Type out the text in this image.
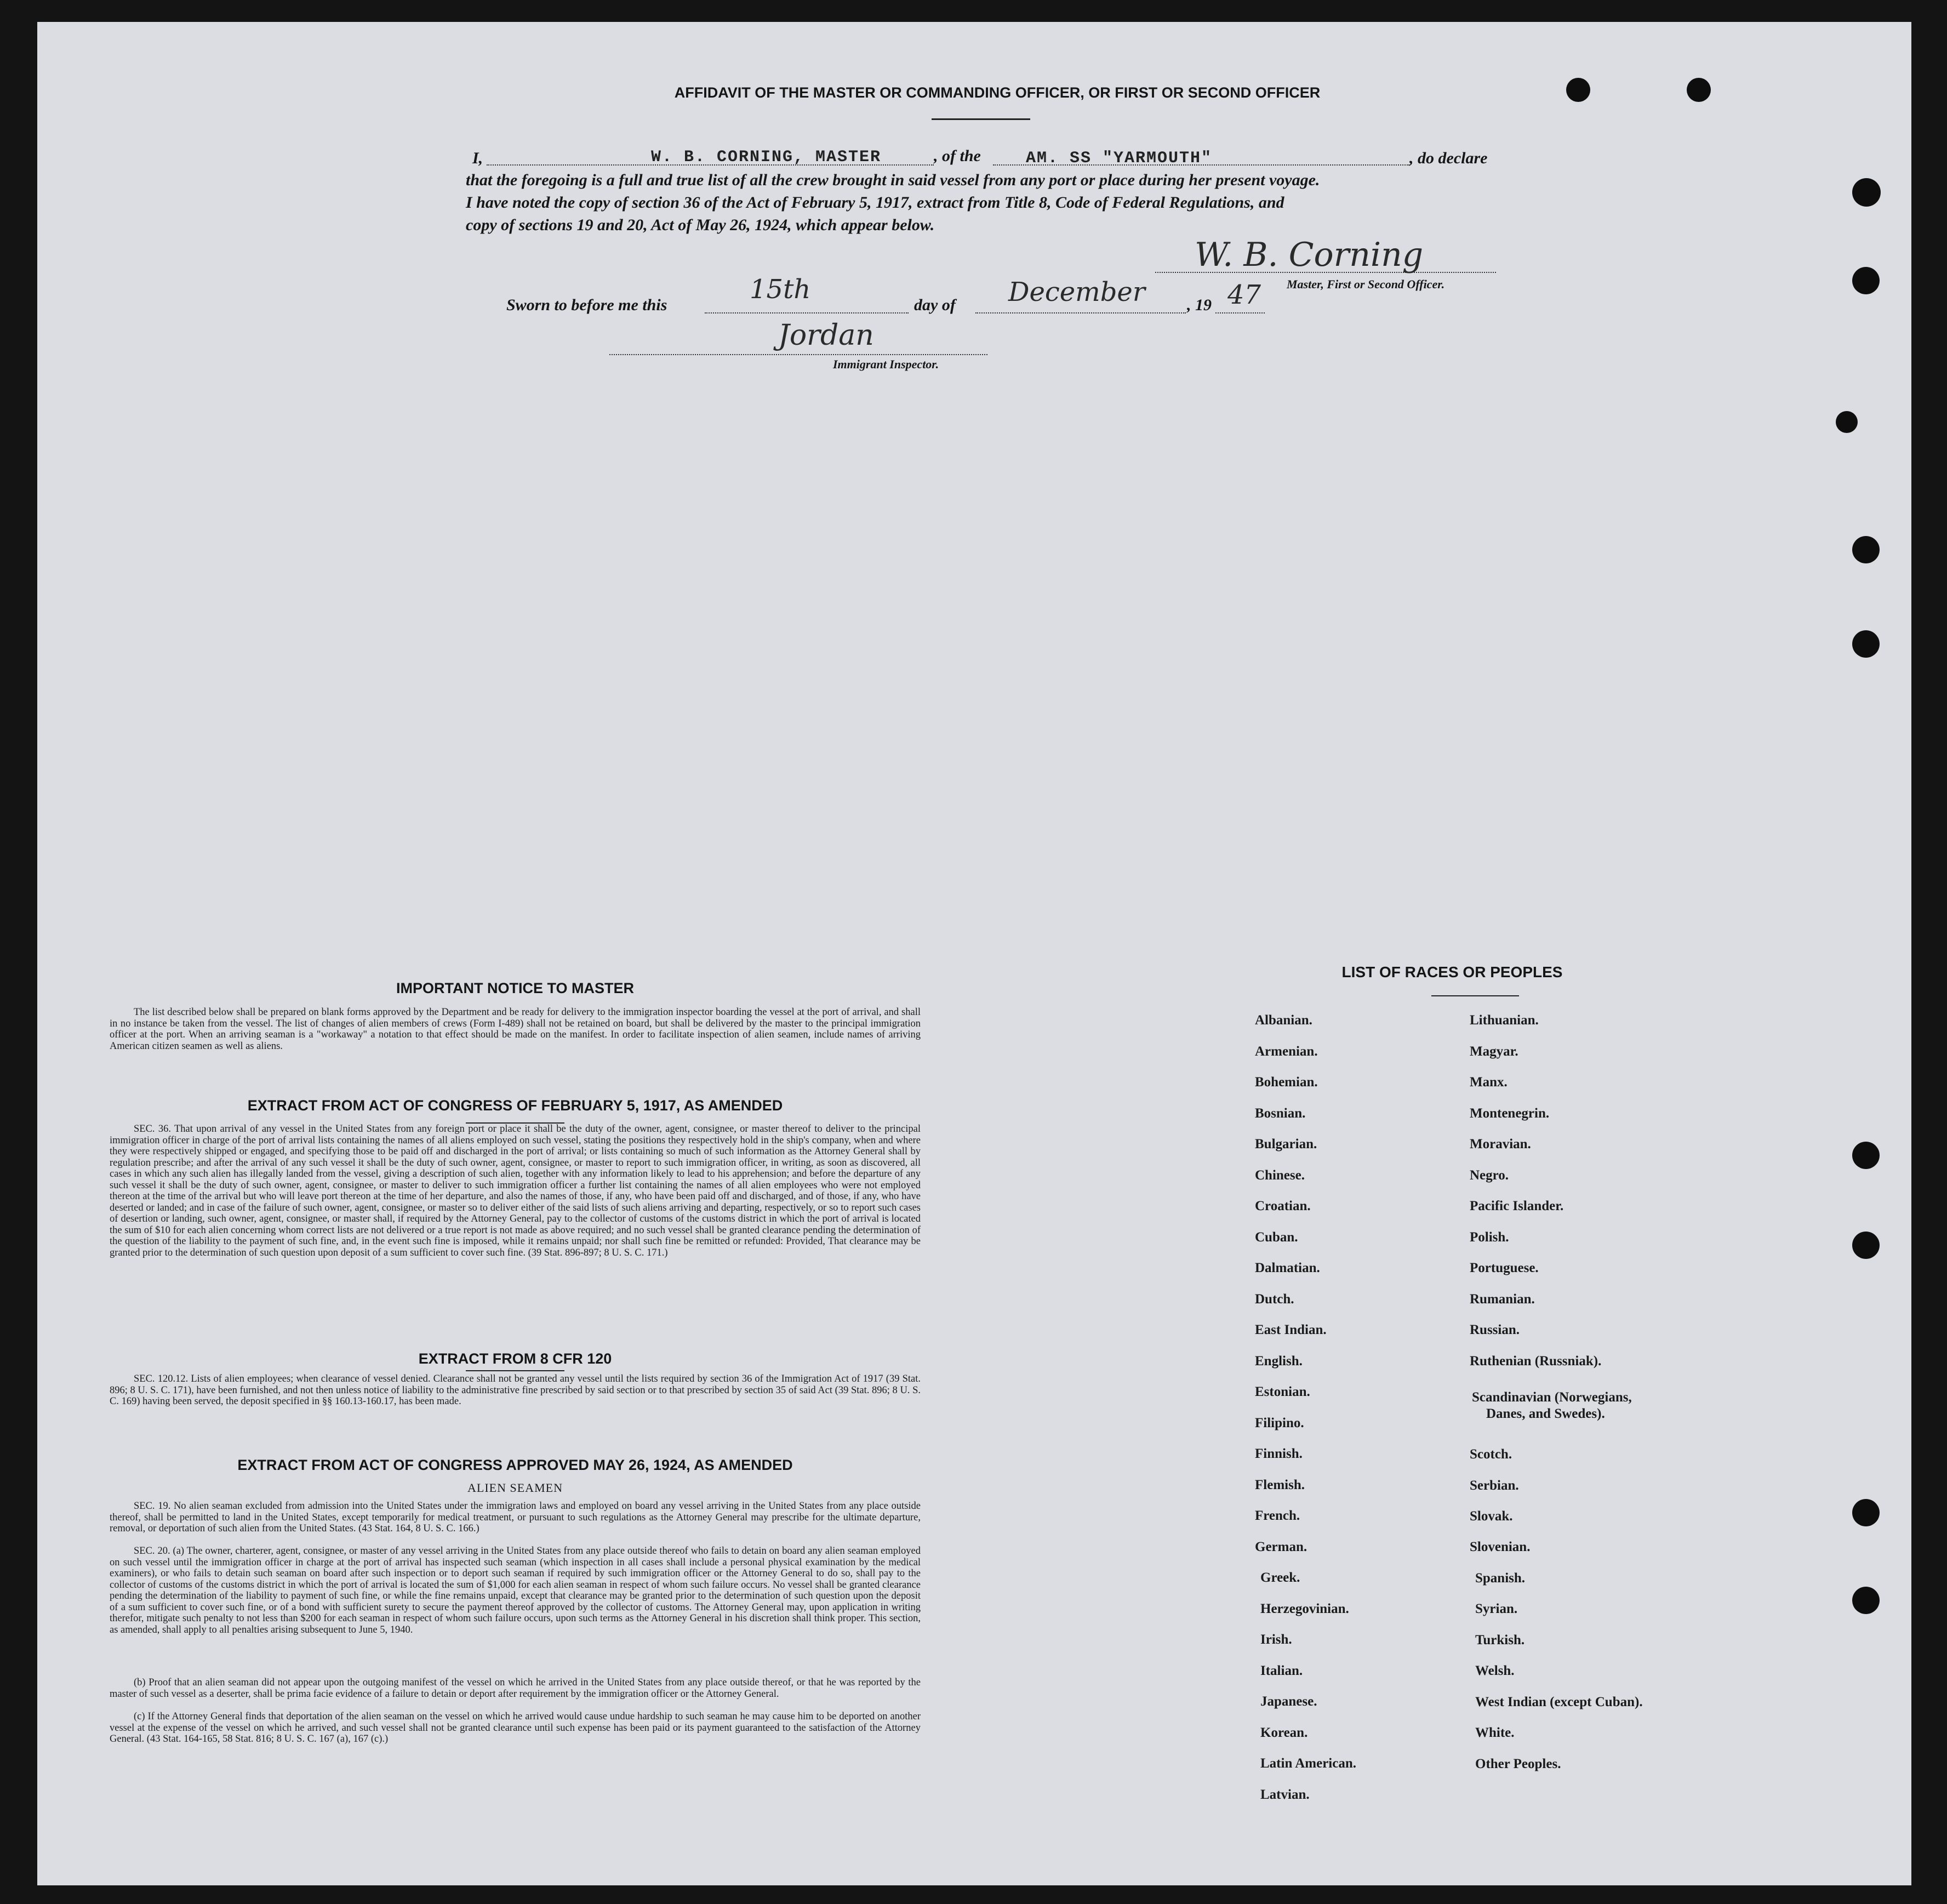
AFFIDAVIT OF THE MASTER OR COMMANDING OFFICER, OR FIRST OR SECOND OFFICER
I,	W. B. CORNING, MASTER	, of the	AM. SS "YARMOUTH"	, do declare
that the foregoing is a full and true list of all the crew brought in said vessel from any port or place during her present voyage.
I have noted the copy of section 36 of the Act of February 5, 1917, extract from Title 8, Code of Federal Regulations, and
copy of sections 19 and 20, Act of May 26, 1924, which appear below.
W. B. Corning
Master, First or Second Officer.
Sworn to before me this
15th
day of December	, 19 47
Jordan
Immigrant Inspector.
IMPORTANT NOTICE TO MASTER
The list described below shall be prepared on blank forms approved by the Department and be ready for delivery to the immigration inspector boarding the vessel at the port of arrival, and shall in no instance be taken from the vessel. The list of changes of alien members of crews (Form I-489) shall not be retained on board, but shall be delivered by the master to the principal immigration officer at the port. When an arriving seaman is a "workaway" a notation to that effect should be made on the manifest. In order to facilitate inspection of alien seamen, include names of arriving American citizen seamen as well as aliens.
EXTRACT FROM ACT OF CONGRESS OF FEBRUARY 5, 1917, AS AMENDED
SEC. 36. That upon arrival of any vessel in the United States from any foreign port or place it shall be the duty of the owner, agent, consignee, or master thereof to deliver to the principal immigration officer in charge of the port of arrival lists containing the names of all aliens employed on such vessel, stating the positions they respectively hold in the ship's company, when and where they were respectively shipped or engaged, and specifying those to be paid off and discharged in the port of arrival; or lists containing so much of such information as the Attorney General shall by regulation prescribe; and after the arrival of any such vessel it shall be the duty of such owner, agent, consignee, or master to report to such immigration officer, in writing, as soon as discovered, all cases in which any such alien has illegally landed from the vessel, giving a description of such alien, together with any information likely to lead to his apprehension; and before the departure of any such vessel it shall be the duty of such owner, agent, consignee, or master to deliver to such immigration officer a further list containing the names of all alien employees who were not employed thereon at the time of the arrival but who will leave port thereon at the time of her departure, and also the names of those, if any, who have been paid off and discharged, and of those, if any, who have deserted or landed; and in case of the failure of such owner, agent, consignee, or master so to deliver either of the said lists of such aliens arriving and departing, respectively, or so to report such cases of desertion or landing, such owner, agent, consignee, or master shall, if required by the Attorney General, pay to the collector of customs of the customs district in which the port of arrival is located the sum of $10 for each alien concerning whom correct lists are not delivered or a true report is not made as above required; and no such vessel shall be granted clearance pending the determination of the question of the liability to the payment of such fine, and, in the event such fine is imposed, while it remains unpaid; nor shall such fine be remitted or refunded: Provided, That clearance may be granted prior to the determination of such question upon deposit of a sum sufficient to cover such fine. (39 Stat. 896-897; 8 U. S. C. 171.)
EXTRACT FROM 8 CFR 120
SEC. 120.12. Lists of alien employees; when clearance of vessel denied. Clearance shall not be granted any vessel until the lists required by section 36 of the Immigration Act of 1917 (39 Stat. 896; 8 U. S. C. 171), have been furnished, and not then unless notice of liability to the administrative fine prescribed by said section or to that prescribed by section 35 of said Act (39 Stat. 896; 8 U. S. C. 169) having been served, the deposit specified in §§ 160.13-160.17, has been made.
EXTRACT FROM ACT OF CONGRESS APPROVED MAY 26, 1924, AS AMENDED
ALIEN SEAMEN
SEC. 19. No alien seaman excluded from admission into the United States under the immigration laws and employed on board any vessel arriving in the United States from any place outside thereof, shall be permitted to land in the United States, except temporarily for medical treatment, or pursuant to such regulations as the Attorney General may prescribe for the ultimate departure, removal, or deportation of such alien from the United States. (43 Stat. 164, 8 U. S. C. 166.)
SEC. 20. (a) The owner, charterer, agent, consignee, or master of any vessel arriving in the United States from any place outside thereof who fails to detain on board any alien seaman employed on such vessel until the immigration officer in charge at the port of arrival has inspected such seaman (which inspection in all cases shall include a personal physical examination by the medical examiners), or who fails to detain such seaman on board after such inspection or to deport such seaman if required by such immigration officer or the Attorney General to do so, shall pay to the collector of customs of the customs district in which the port of arrival is located the sum of $1,000 for each alien seaman in respect of whom such failure occurs. No vessel shall be granted clearance pending the determination of the liability to payment of such fine, or while the fine remains unpaid, except that clearance may be granted prior to the determination of such question upon the deposit of a sum sufficient to cover such fine, or of a bond with sufficient surety to secure the payment thereof approved by the collector of customs. The Attorney General may, upon application in writing therefor, mitigate such penalty to not less than $200 for each seaman in respect of whom such failure occurs, upon such terms as the Attorney General in his discretion shall think proper. This section, as amended, shall apply to all penalties arising subsequent to June 5, 1940.
(b) Proof that an alien seaman did not appear upon the outgoing manifest of the vessel on which he arrived in the United States from any place outside thereof, or that he was reported by the master of such vessel as a deserter, shall be prima facie evidence of a failure to detain or deport after requirement by the immigration officer or the Attorney General.
(c) If the Attorney General finds that deportation of the alien seaman on the vessel on which he arrived would cause undue hardship to such seaman he may cause him to be deported on another vessel at the expense of the vessel on which he arrived, and such vessel shall not be granted clearance until such expense has been paid or its payment guaranteed to the satisfaction of the Attorney General. (43 Stat. 164-165, 58 Stat. 816; 8 U. S. C. 167 (a), 167 (c).)
LIST OF RACES OR PEOPLES
Albanian.
Armenian.
Bohemian.
Bosnian.
Bulgarian.
Chinese.
Croatian.
Cuban.
Dalmatian.
Dutch.
East Indian.
English.
Estonian.
Filipino.
Finnish.
Flemish.
French.
German.
Greek.
Herzegovinian.
Irish.
Italian.
Japanese.
Korean.
Latin American.
Latvian.
Lithuanian.
Magyar.
Manx.
Montenegrin.
Moravian.
Negro.
Pacific Islander.
Polish.
Portuguese.
Rumanian.
Russian.
Ruthenian (Russniak).
Scandinavian (Norwegians,
Danes, and Swedes).
Scotch.
Serbian.
Slovak.
Slovenian.
Spanish.
Syrian.
Turkish.
Welsh.
West Indian (except Cuban).
White.
Other Peoples.
